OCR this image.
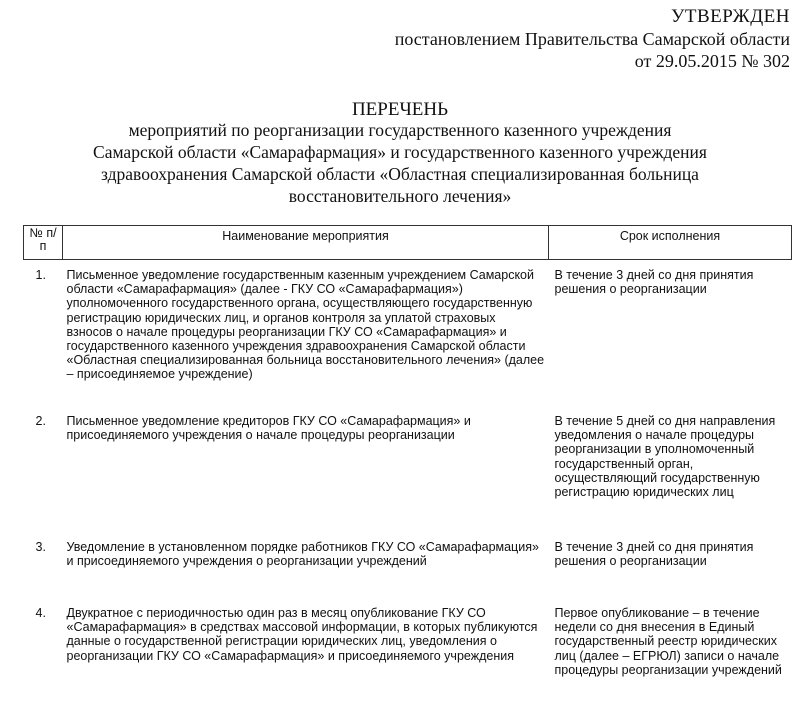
УТВЕРЖДЕН
постановлением Правительства Самарской области
от 29.05.2015 № 302
ПЕРЕЧЕНЬ
мероприятий по реорганизации государственного казенного учреждения
Самарской области «Самарафармация» и государственного казенного учреждения
здравоохранения Самарской области «Областная специализированная больница
восстановительного лечения»
№ п/п	Наименование мероприятия	Срок исполнения
1.	Письменное уведомление государственным казенным учреждением Самарской области «Самарафармация» (далее - ГКУ СО «Самарафармация») уполномоченного государственного органа, осуществляющего государственную регистрацию юридических лиц, и органов контроля за уплатой страховых взносов о начале процедуры реорганизации ГКУ СО «Самарафармация» и государственного казенного учреждения здравоохранения Самарской области «Областная специализированная больница восстановительного лечения» (далее – присоединяемое учреждение)	В течение 3 дней со дня принятия решения о реорганизации
2.	Письменное уведомление кредиторов ГКУ СО «Самарафармация» и присоединяемого учреждения о начале процедуры реорганизации	В течение 5 дней со дня направления уведомления о начале процедуры реорганизации в уполномоченный государственный орган, осуществляющий государственную регистрацию юридических лиц
3.	Уведомление в установленном порядке работников ГКУ СО «Самарафармация» и присоединяемого учреждения о реорганизации учреждений	В течение 3 дней со дня принятия решения о реорганизации
4.	Двукратное с периодичностью один раз в месяц опубликование ГКУ СО «Самарафармация» в средствах массовой информации, в которых публикуются данные о государственной регистрации юридических лиц, уведомления о реорганизации ГКУ СО «Самарафармация» и присоединяемого учреждения	Первое опубликование – в течение недели со дня внесения в Единый государственный реестр юридических лиц (далее – ЕГРЮЛ) записи о начале процедуры реорганизации учреждений
